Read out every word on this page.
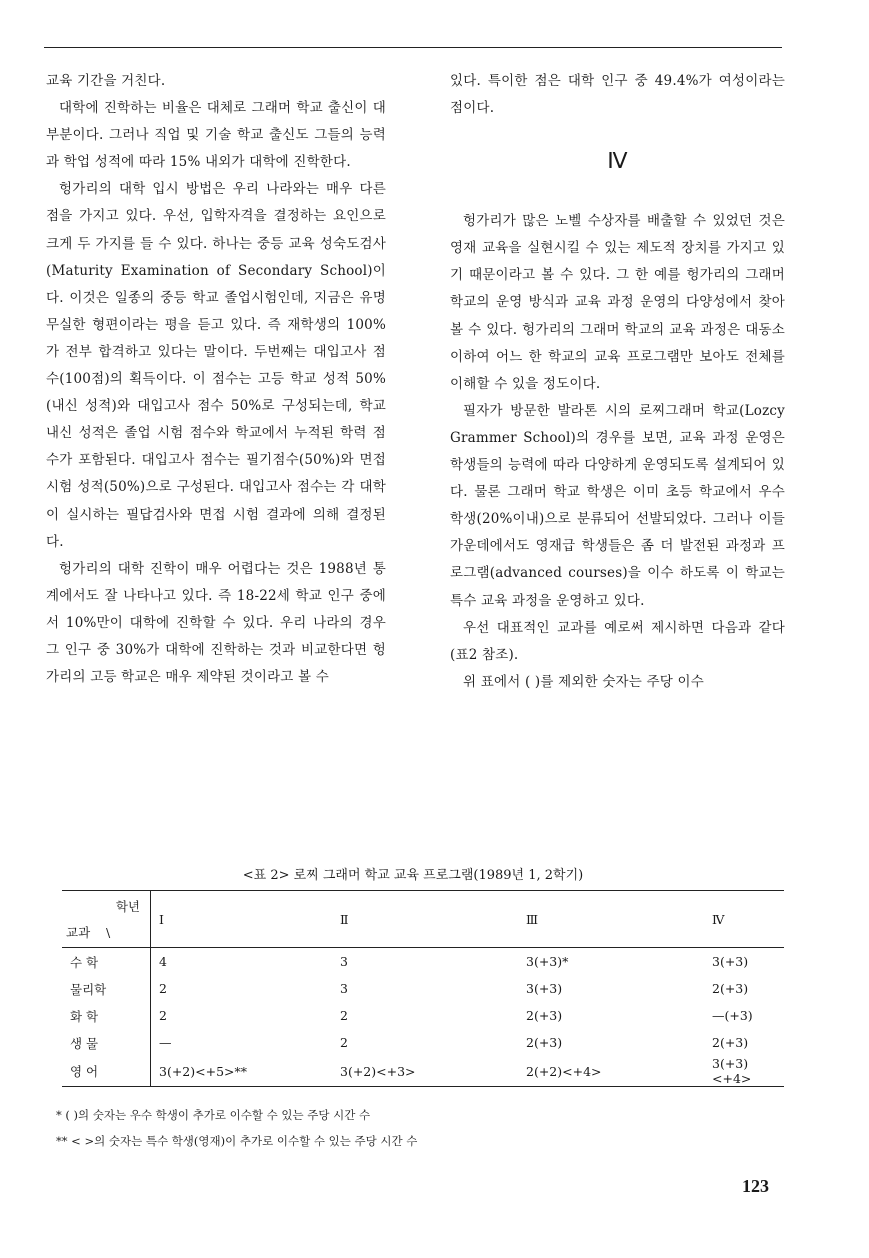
교육 기간을 거친다.

대학에 진학하는 비율은 대체로 그래머 학교 출신이 대부분이다. 그러나 직업 및 기술 학교 출신도 그들의 능력과 학업 성적에 따라 15% 내외가 대학에 진학한다.

헝가리의 대학 입시 방법은 우리 나라와는 매우 다른 점을 가지고 있다. 우선, 입학자격을 결정하는 요인으로 크게 두 가지를 들 수 있다. 하나는 중등 교육 성숙도검사(Maturity Examination of Secondary School)이다. 이것은 일종의 중등 학교 졸업시험인데, 지금은 유명 무실한 형편이라는 평을 듣고 있다. 즉 재학생의 100%가 전부 합격하고 있다는 말이다. 두번째는 대입고사 점수(100점)의 획득이다. 이 점수는 고등 학교 성적 50%(내신 성적)와 대입고사 점수 50%로 구성되는데, 학교 내신 성적은 졸업 시험 점수와 학교에서 누적된 학력 점수가 포함된다. 대입고사 점수는 필기점수(50%)와 면접 시험 성적(50%)으로 구성된다. 대입고사 점수는 각 대학이 실시하는 필답검사와 면접 시험 결과에 의해 결정된다.

헝가리의 대학 진학이 매우 어렵다는 것은 1988년 통계에서도 잘 나타나고 있다. 즉 18-22세 학교 인구 중에서 10%만이 대학에 진학할 수 있다. 우리 나라의 경우 그 인구 중 30%가 대학에 진학하는 것과 비교한다면 헝가리의 고등 학교은 매우 제약된 것이라고 볼 수

있다. 특이한 점은 대학 인구 중 49.4%가 여성이라는 점이다.

Ⅳ

헝가리가 많은 노벨 수상자를 배출할 수 있었던 것은 영재 교육을 실현시킬 수 있는 제도적 장치를 가지고 있기 때문이라고 볼 수 있다. 그 한 예를 헝가리의 그래머 학교의 운영 방식과 교육 과정 운영의 다양성에서 찾아볼 수 있다. 헝가리의 그래머 학교의 교육 과정은 대동소이하여 어느 한 학교의 교육 프로그램만 보아도 전체를 이해할 수 있을 정도이다.

필자가 방문한 발라톤 시의 로찌그래머 학교(Lozcy Grammer School)의 경우를 보면, 교육 과정 운영은 학생들의 능력에 따라 다양하게 운영되도록 설계되어 있다. 물론 그래머 학교 학생은 이미 초등 학교에서 우수 학생(20%이내)으로 분류되어 선발되었다. 그러나 이들 가운데에서도 영재급 학생들은 좀 더 발전된 과정과 프로그램(advanced courses)을 이수 하도록 이 학교는 특수 교육 과정을 운영하고 있다.

우선 대표적인 교과를 예로써 제시하면 다음과 같다(표2 참조).

위 표에서 ( )를 제외한 숫자는 주당 이수

<표 2> 로찌 그래머 학교 교육 프로그램(1989년 1, 2학기)
학년
\
교과	Ⅰ	Ⅱ	Ⅲ	Ⅳ
수 학	4	3	3(+3)*	3(+3)
물리학	2	3	3(+3)	2(+3)
화 학	2	2	2(+3)	—(+3)
생 물	—	2	2(+3)	2(+3)
영 어	3(+2)<+5>**	3(+2)<+3>	2(+2)<+4>	3(+3)<+4>
* ( )의 숫자는 우수 학생이 추가로 이수할 수 있는 주당 시간 수
** < >의 숫자는 특수 학생(영재)이 추가로 이수할 수 있는 주당 시간 수
123
